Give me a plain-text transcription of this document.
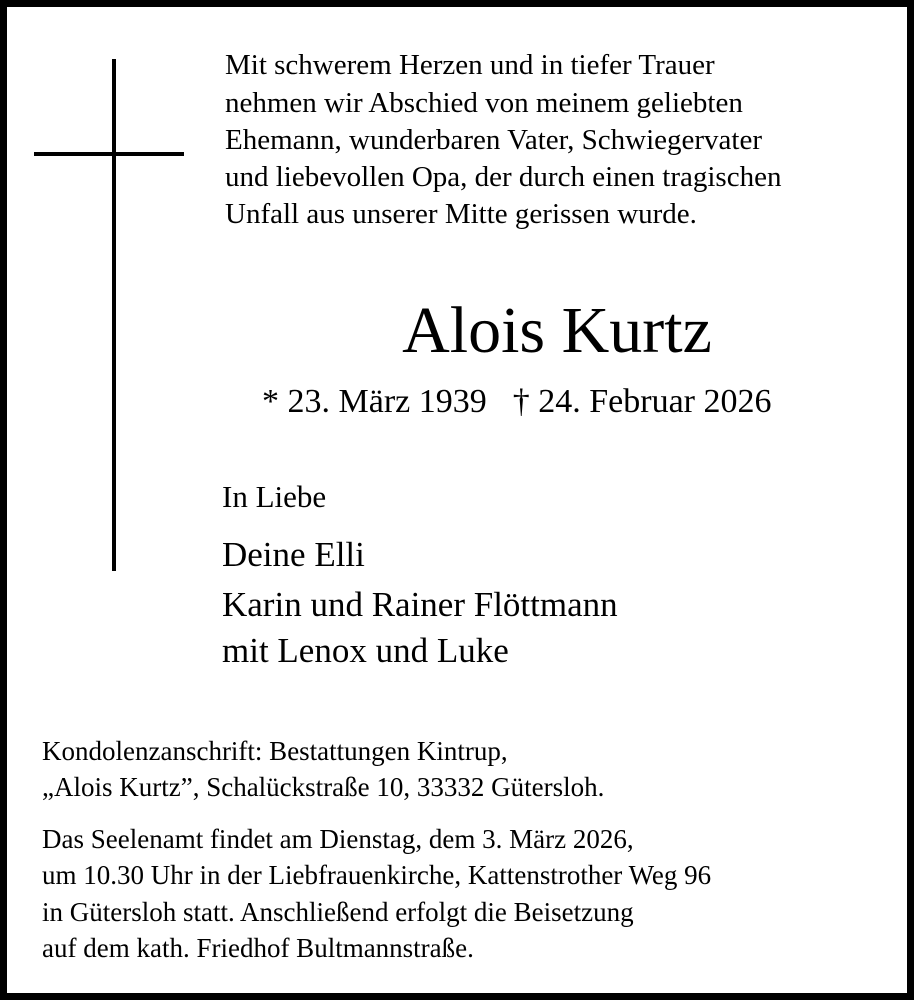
Mit schwerem Herzen und in tiefer Trauer
nehmen wir Abschied von meinem geliebten
Ehemann, wunderbaren Vater, Schwiegervater
und liebevollen Opa, der durch einen tragischen
Unfall aus unserer Mitte gerissen wurde.
Alois Kurtz
* 23. März 1939 † 24. Februar 2026
In Liebe
Deine Elli
Karin und Rainer Flöttmann
mit Lenox und Luke
Kondolenzanschrift: Bestattungen Kintrup,
„Alois Kurtz”, Schalückstraße 10, 33332 Gütersloh.
Das Seelenamt findet am Dienstag, dem 3. März 2026,
um 10.30 Uhr in der Liebfrauenkirche, Kattenstrother Weg 96
in Gütersloh statt. Anschließend erfolgt die Beisetzung
auf dem kath. Friedhof Bultmannstraße.
